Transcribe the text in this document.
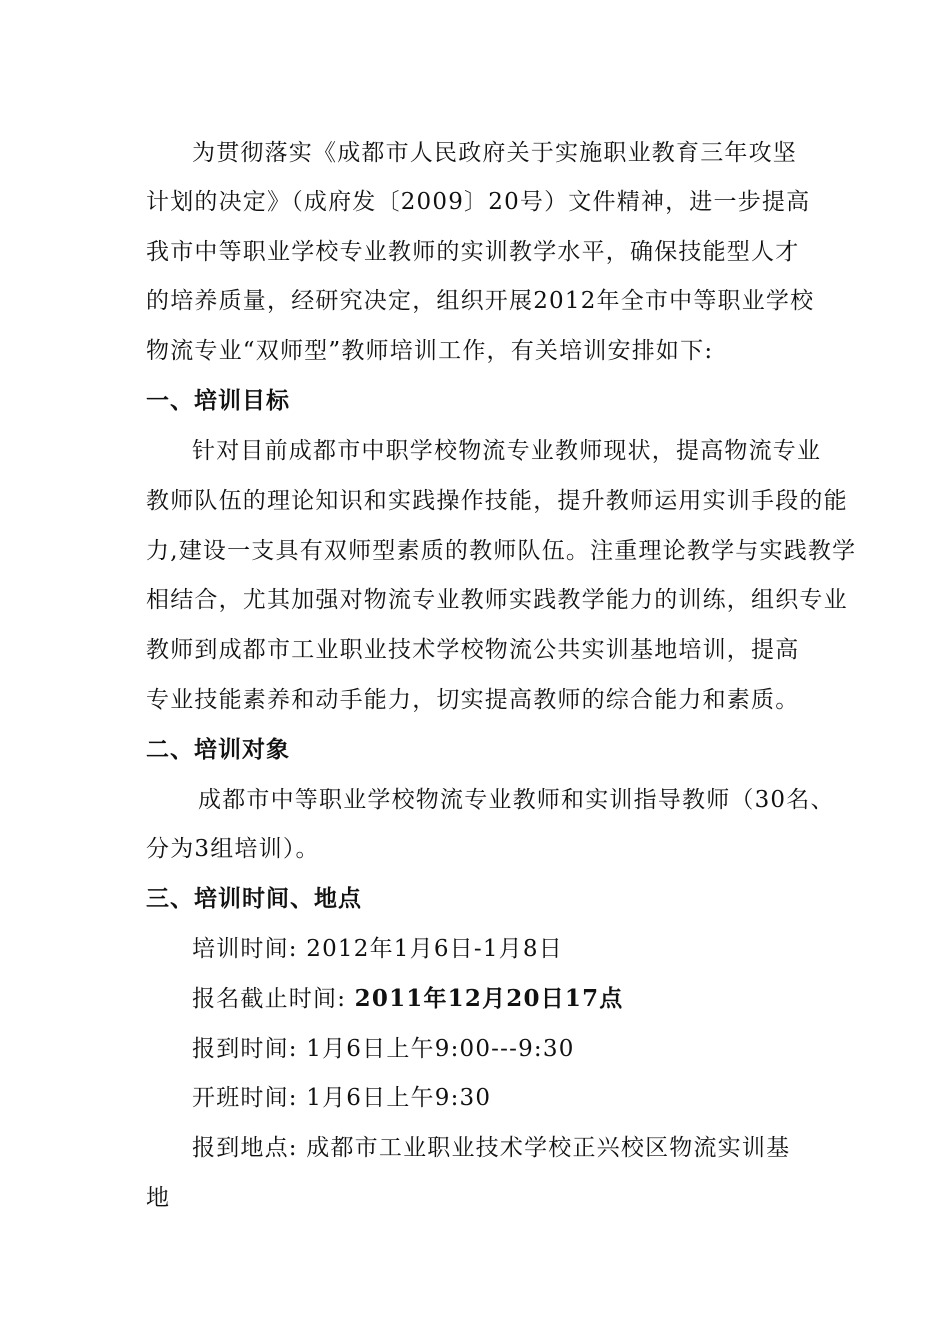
为贯彻落实《成都市人民政府关于实施职业教育三年攻坚
计划的决定》（成府发〔2009〕20号）文件精神，进一步提高
我市中等职业学校专业教师的实训教学水平，确保技能型人才
的培养质量，经研究决定，组织开展2012年全市中等职业学校
物流专业“双师型”教师培训工作，有关培训安排如下:
一、培训目标
针对目前成都市中职学校物流专业教师现状，提高物流专业
教师队伍的理论知识和实践操作技能，提升教师运用实训手段的能
力,建设一支具有双师型素质的教师队伍。注重理论教学与实践教学
相结合，尤其加强对物流专业教师实践教学能力的训练，组织专业
教师到成都市工业职业技术学校物流公共实训基地培训，提高
专业技能素养和动手能力，切实提高教师的综合能力和素质。
二、培训对象
成都市中等职业学校物流专业教师和实训指导教师（30名、
分为3组培训）。
三、培训时间、地点
培训时间: 2012年1月6日-1月8日
报名截止时间: 2011年12月20日17点
报到时间: 1月6日上午9:00---9:30
开班时间: 1月6日上午9:30
报到地点: 成都市工业职业技术学校正兴校区物流实训基
地
